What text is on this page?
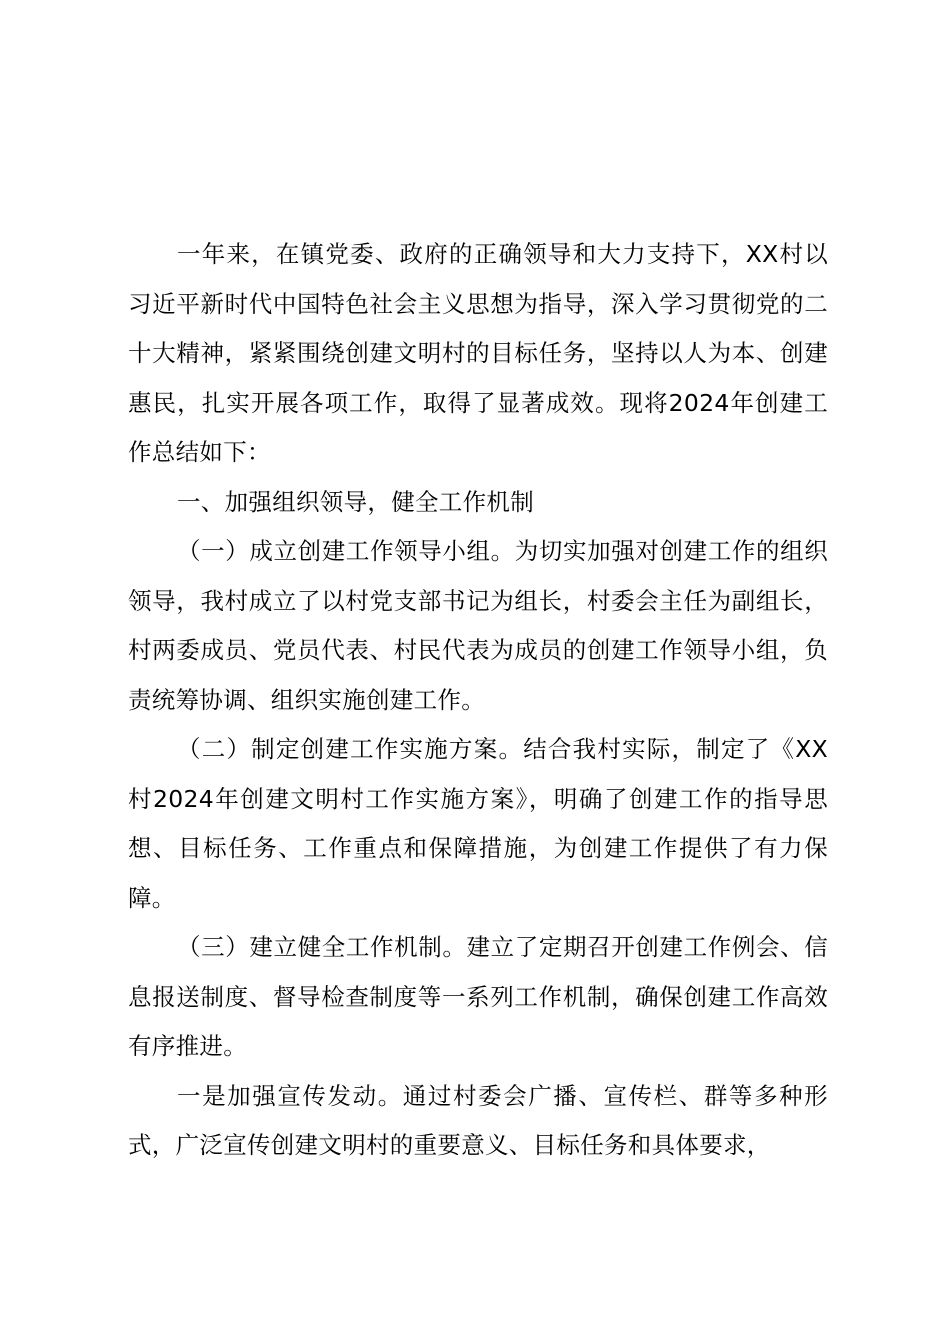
一年来，在镇党委、政府的正确领导和大力支持下，XX村以习近平新时代中国特色社会主义思想为指导，深入学习贯彻党的二十大精神，紧紧围绕创建文明村的目标任务，坚持以人为本、创建惠民，扎实开展各项工作，取得了显著成效。现将2024年创建工作总结如下：

一、加强组织领导，健全工作机制

（一）成立创建工作领导小组。为切实加强对创建工作的组织领导，我村成立了以村党支部书记为组长，村委会主任为副组长，村两委成员、党员代表、村民代表为成员的创建工作领导小组，负责统筹协调、组织实施创建工作。

（二）制定创建工作实施方案。结合我村实际，制定了《XX村2024年创建文明村工作实施方案》，明确了创建工作的指导思想、目标任务、工作重点和保障措施，为创建工作提供了有力保障。

（三）建立健全工作机制。建立了定期召开创建工作例会、信息报送制度、督导检查制度等一系列工作机制，确保创建工作高效有序推进。

一是加强宣传发动。通过村委会广播、宣传栏、群等多种形式，广泛宣传创建文明村的重要意义、目标任务和具体要求，
